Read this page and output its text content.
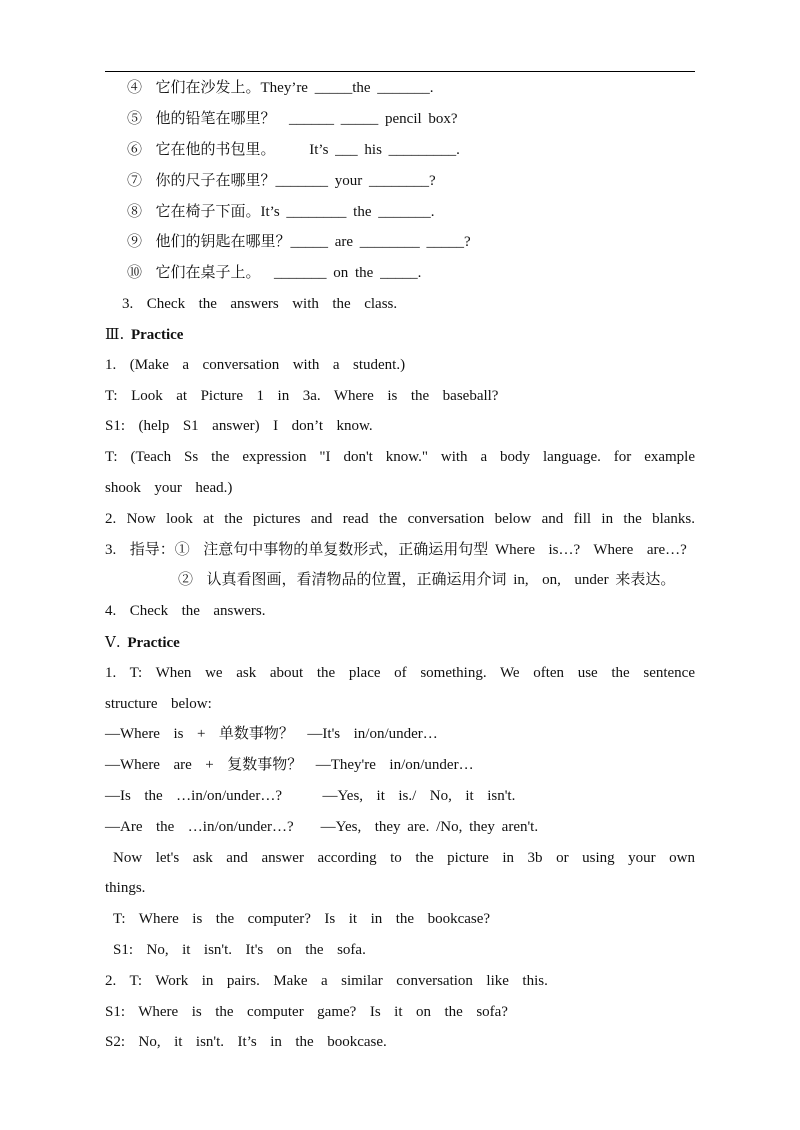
④  它们在沙发上。They’re _____the _______.
⑤  他的铅笔在哪里？  ______ _____ pencil box?
⑥  它在他的书包里。     It’s ___ his _________.
⑦  你的尺子在哪里？_______ your ________?
⑧  它在椅子下面。It’s ________ the _______.
⑨  他们的钥匙在哪里？_____ are ________ _____?
⑩  它们在桌子上。  _______ on the _____.
3.  Check  the  answers  with  the  class.
Ⅲ. Practice
1.  (Make  a  conversation  with  a  student.)
T:  Look  at  Picture  1  in  3a.  Where  is  the  baseball?
S1:  (help  S1  answer)  I  don’t  know.
T:  (Teach  Ss  the  expression  "I  don't  know."  with  a  body  language.  for  example
shook  your  head.)
2.  Now  look  at  the  pictures  and  read  the  conversation  below  and  fill  in  the  blanks.
3.  指导：①  注意句中事物的单复数形式，正确运用句型 Where  is…?  Where  are…?
②  认真看图画，看清物品的位置，正确运用介词 in,  on,  under 来表达。
4.  Check  the  answers.
Ⅴ. Practice
1.  T:  When  we  ask  about  the  place  of  something.  We  often  use  the  sentence
structure  below:
—Where  is  +  单数事物？  —It's  in/on/under…
—Where  are  +  复数事物？  —They're  in/on/under…
—Is  the  …in/on/under…?      —Yes,  it  is./  No,  it  isn't.
—Are  the  …in/on/under…?    —Yes,  they are. /No, they aren't.
Now  let's  ask  and  answer  according  to  the  picture  in  3b  or  using  your  own
things.
T:  Where  is  the  computer?  Is  it  in  the  bookcase?
S1:  No,  it  isn't.  It's  on  the  sofa.
2.  T:  Work  in  pairs.  Make  a  similar  conversation  like  this.
S1:  Where  is  the  computer  game?  Is  it  on  the  sofa?
S2:  No,  it  isn't.  It’s  in  the  bookcase.
